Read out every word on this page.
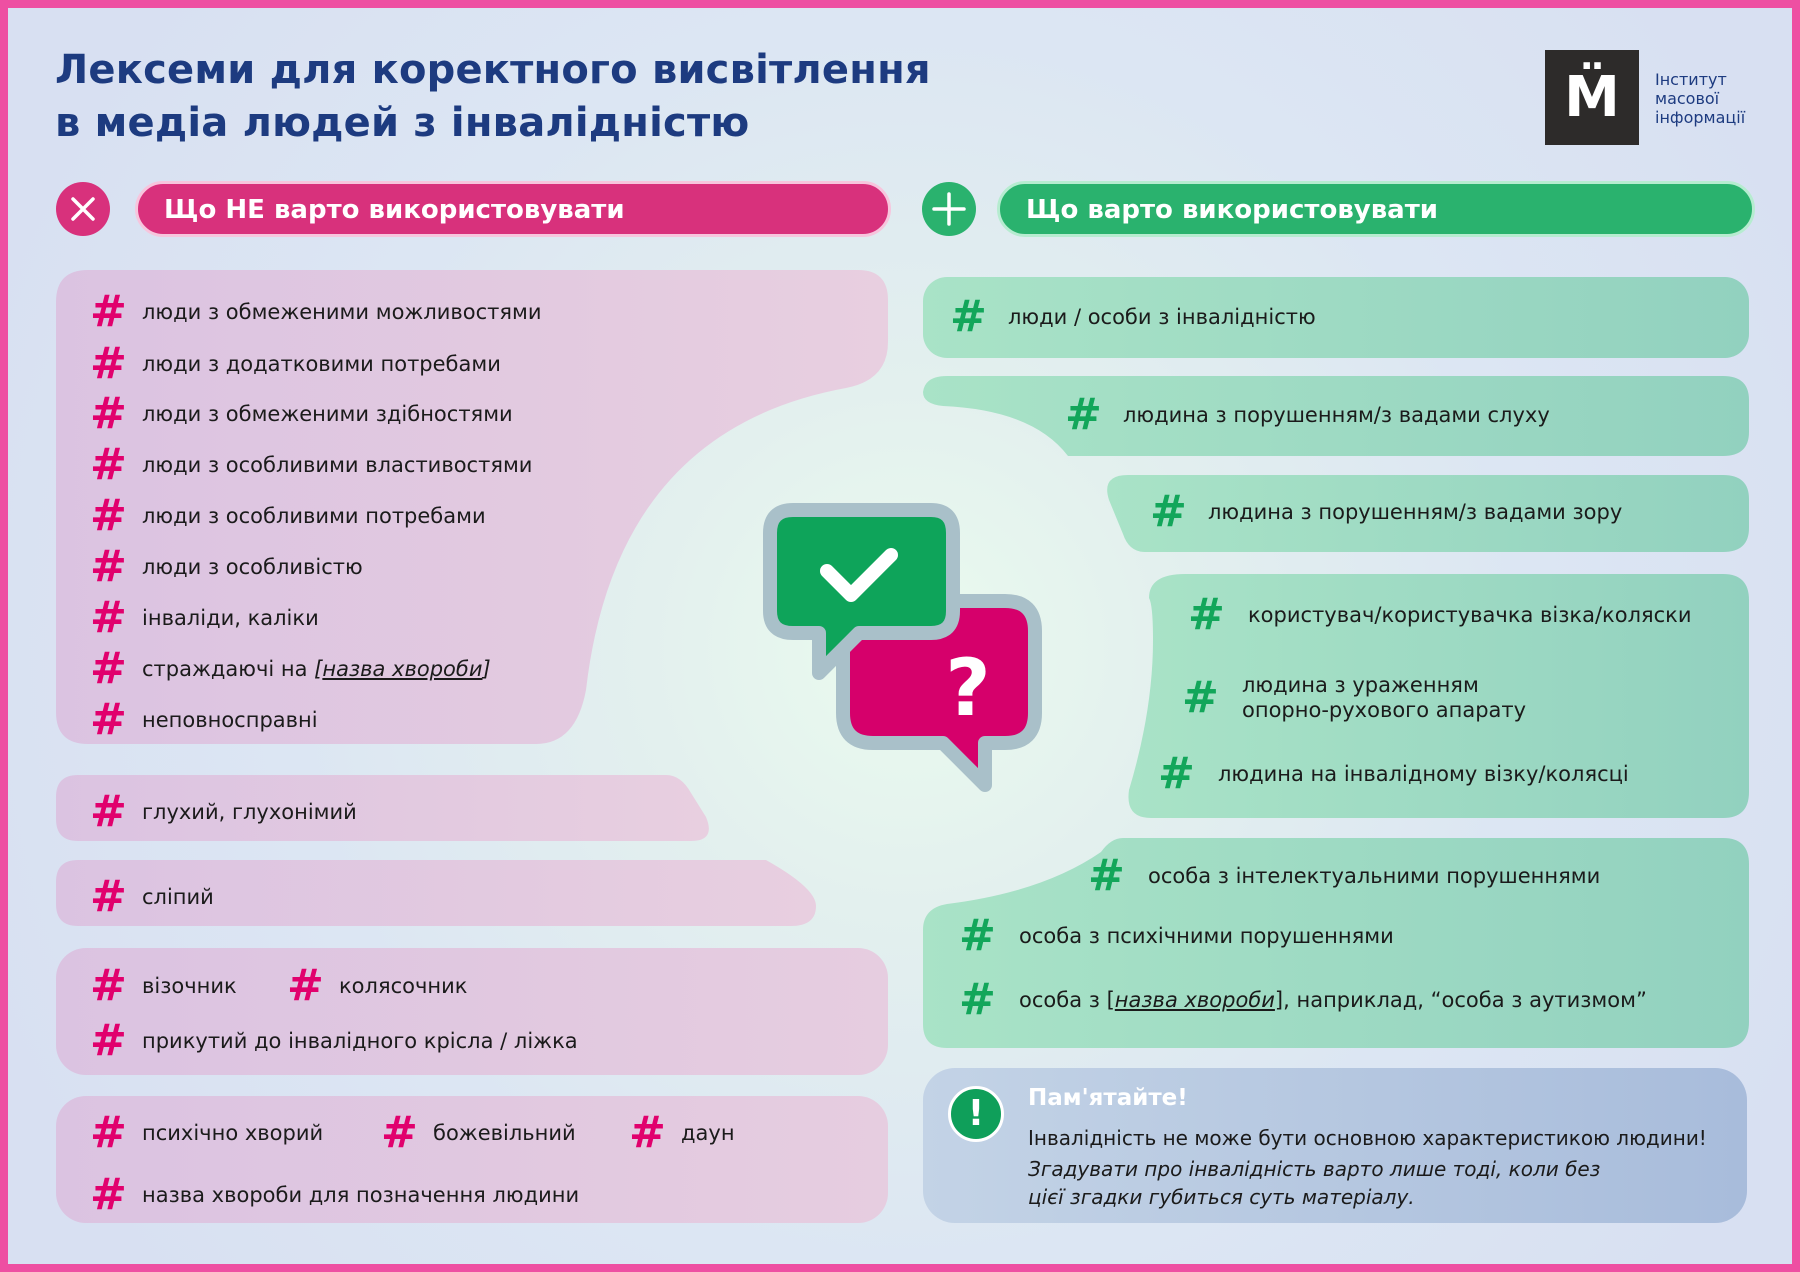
Лексеми для коректного висвітлення
в медіа людей з інвалідністю	М̈	Інститут
масової
інформації
Що НЕ варто використовувати	Що варто використовувати
?
# люди з обмеженими можливостями
# люди з додатковими потребами
# люди з обмеженими здібностями
# люди з особливими властивостями
# люди з особливими потребами
# люди з особливістю
# інваліди, каліки
# страждаючі на [назва хвороби]
# неповносправні
# глухий, глухонімий
# сліпий
# візочник # колясочник
# прикутий до інвалідного крісла / ліжка
# психічно хворий # божевільний # даун
# назва хвороби для позначення людини
#	люди / особи з інвалідністю
#	людина з порушенням/з вадами слуху
#	людина з порушенням/з вадами зору
#	користувач/користувачка візка/коляски
#	людина з ураженням
опорно-рухового апарату
#	людина на інвалідному візку/колясці
#	особа з інтелектуальними порушеннями
#	особа з психічними порушеннями
#	особа з [назва хвороби], наприклад, “особа з аутизмом”
!	Пам'ятайте!
Інвалідність не може бути основною характеристикою людини!
Згадувати про інвалідність варто лише тоді, коли без
цієї згадки губиться суть матеріалу.
